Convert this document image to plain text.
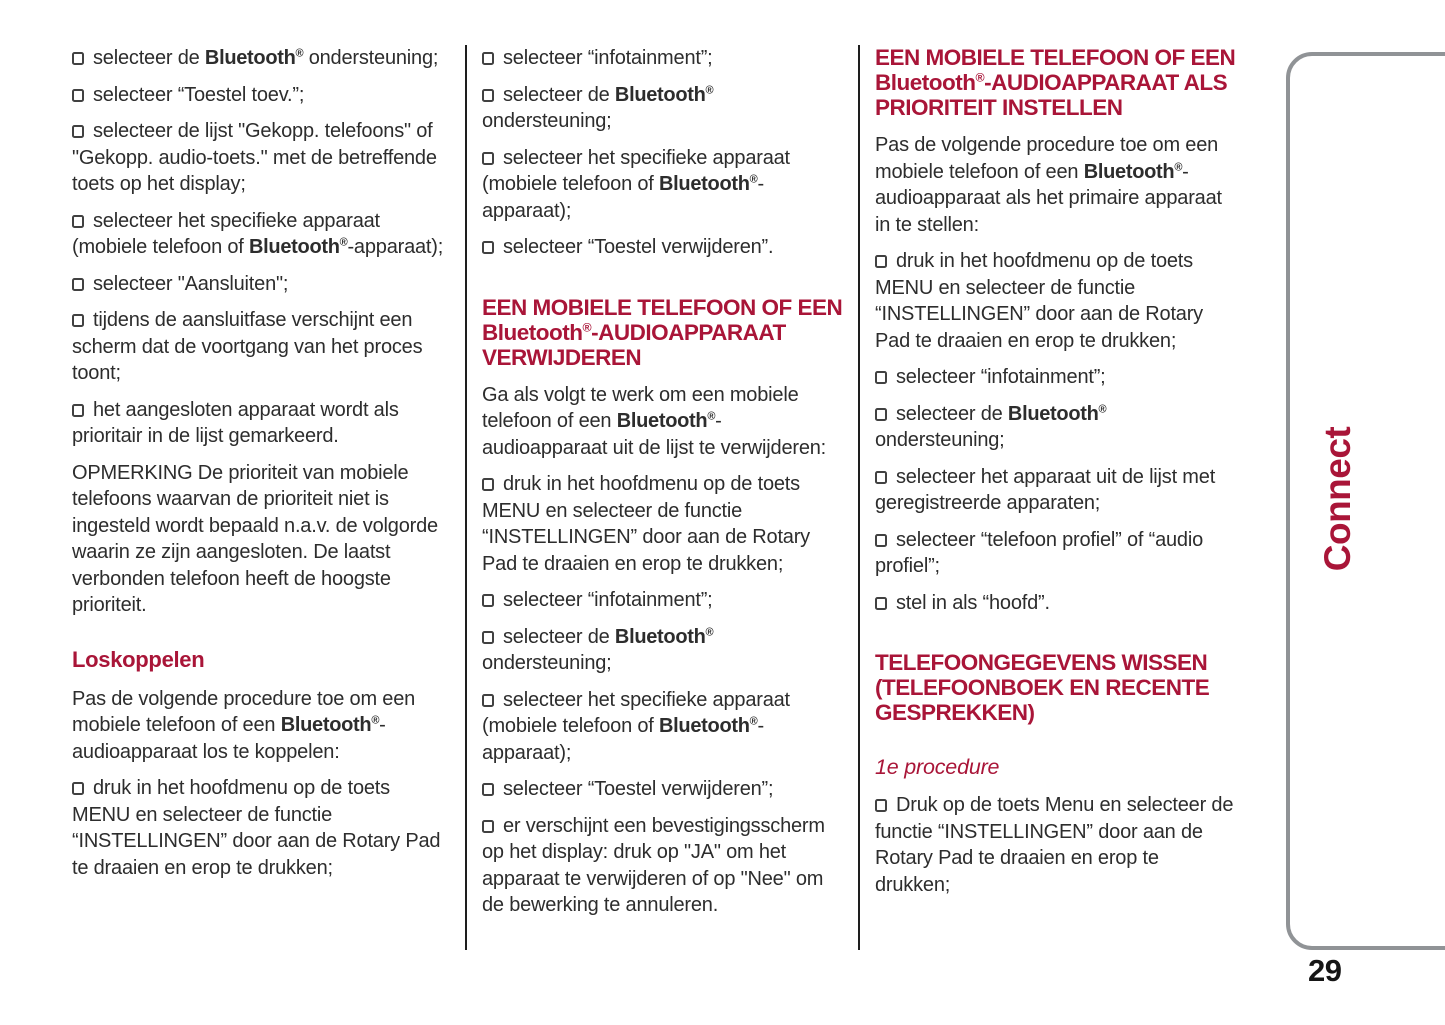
selecteer de Bluetooth® ondersteuning;

selecteer “Toestel toev.”;

selecteer de lijst "Gekopp. telefoons" of "Gekopp. audio-toets." met de betreffende toets op het display;

selecteer het specifieke apparaat (mobiele telefoon of Bluetooth®-apparaat);

selecteer "Aansluiten";

tijdens de aansluitfase verschijnt een scherm dat de voortgang van het proces toont;

het aangesloten apparaat wordt als prioritair in de lijst gemarkeerd.

OPMERKING De prioriteit van mobiele telefoons waarvan de prioriteit niet is ingesteld wordt bepaald n.a.v. de volgorde waarin ze zijn aangesloten. De laatst verbonden telefoon heeft de hoogste prioriteit.

Loskoppelen

Pas de volgende procedure toe om een mobiele telefoon of een Bluetooth®-audioapparaat los te koppelen:

druk in het hoofdmenu op de toets MENU en selecteer de functie “INSTELLINGEN” door aan de Rotary Pad te draaien en erop te drukken;

selecteer “infotainment”;

selecteer de Bluetooth® ondersteuning;

selecteer het specifieke apparaat (mobiele telefoon of Bluetooth®-apparaat);

selecteer “Toestel verwijderen”.

EEN MOBIELE TELEFOON OF EEN
Bluetooth®-AUDIOAPPARAAT
VERWIJDEREN

Ga als volgt te werk om een mobiele telefoon of een Bluetooth®-audioapparaat uit de lijst te verwijderen:

druk in het hoofdmenu op de toets MENU en selecteer de functie “INSTELLINGEN” door aan de Rotary Pad te draaien en erop te drukken;

selecteer “infotainment”;

selecteer de Bluetooth® ondersteuning;

selecteer het specifieke apparaat (mobiele telefoon of Bluetooth®-apparaat);

selecteer “Toestel verwijderen”;

er verschijnt een bevestigingsscherm op het display: druk op "JA" om het apparaat te verwijderen of op "Nee" om de bewerking te annuleren.

EEN MOBIELE TELEFOON OF EEN
Bluetooth®-AUDIOAPPARAAT ALS
PRIORITEIT INSTELLEN

Pas de volgende procedure toe om een mobiele telefoon of een Bluetooth®-audioapparaat als het primaire apparaat in te stellen:

druk in het hoofdmenu op de toets MENU en selecteer de functie “INSTELLINGEN” door aan de Rotary Pad te draaien en erop te drukken;

selecteer “infotainment”;

selecteer de Bluetooth® ondersteuning;

selecteer het apparaat uit de lijst met geregistreerde apparaten;

selecteer “telefoon profiel” of “audio profiel”;

stel in als “hoofd”.

TELEFOONGEGEVENS WISSEN
(TELEFOONBOEK EN RECENTE
GESPREKKEN)
1e procedure

Druk op de toets Menu en selecteer de functie “INSTELLINGEN” door aan de Rotary Pad te draaien en erop te drukken;

Connect
29
